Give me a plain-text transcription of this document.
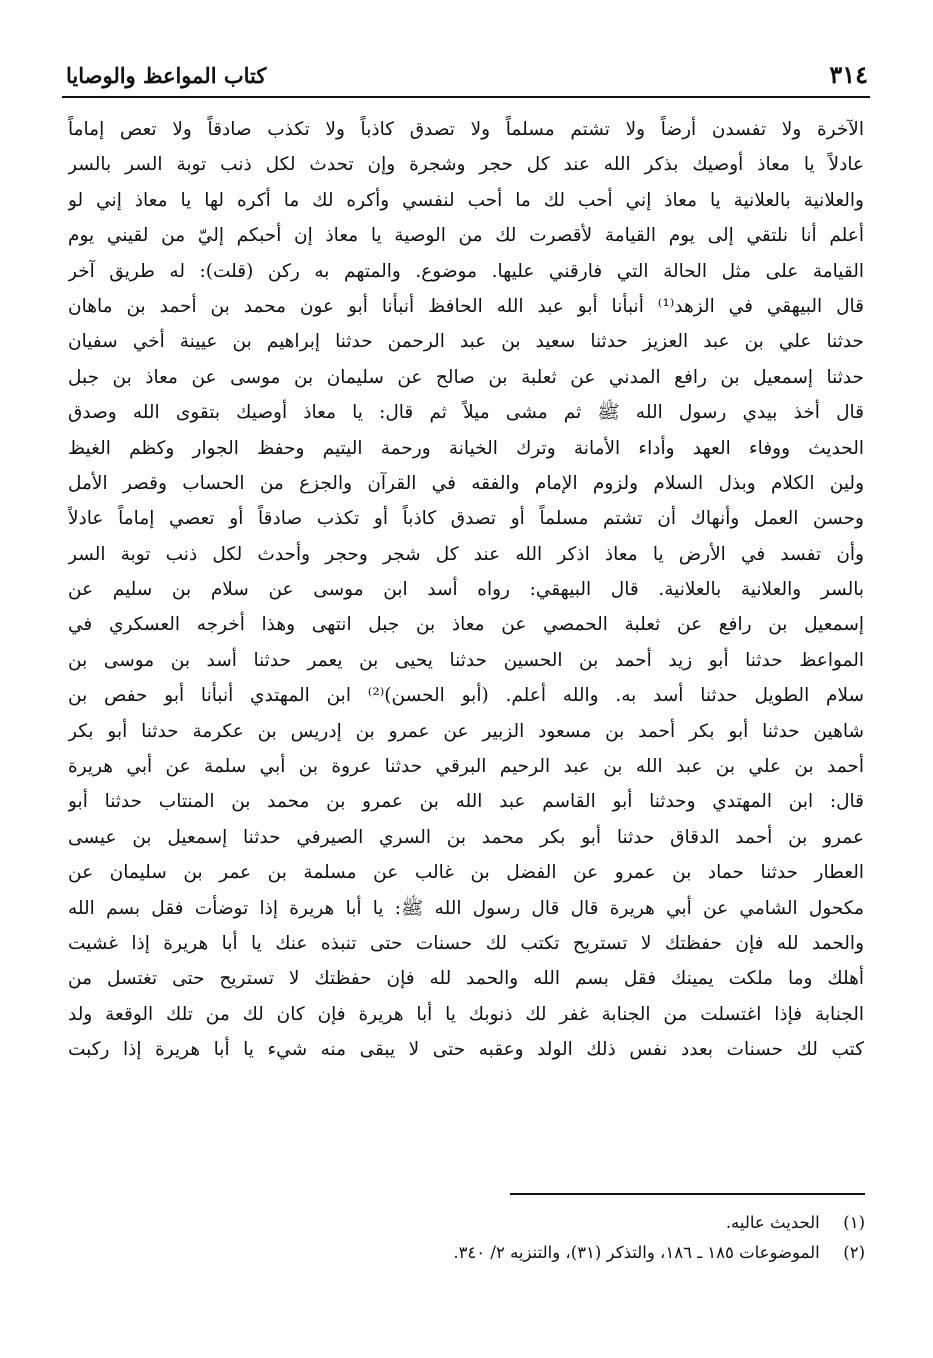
٣١٤
كتاب المواعظ والوصايا
الآخرة ولا تفسدن أرضاً ولا تشتم مسلماً ولا تصدق كاذباً ولا تكذب صادقاً ولا تعص إماماً
عادلاً يا معاذ أوصيك بذكر الله عند كل حجر وشجرة وإن تحدث لكل ذنب توبة السر بالسر
والعلانية بالعلانية يا معاذ إني أحب لك ما أحب لنفسي وأكره لك ما أكره لها يا معاذ إني لو
أعلم أنا نلتقي إلى يوم القيامة لأقصرت لك من الوصية يا معاذ إن أحبكم إليّ من لقيني يوم
القيامة على مثل الحالة التي فارقني عليها. موضوع. والمتهم به ركن (قلت): له طريق آخر
قال البيهقي في الزهد⁽¹⁾ أنبأنا أبو عبد الله الحافظ أنبأنا أبو عون محمد بن أحمد بن ماهان
حدثنا علي بن عبد العزيز حدثنا سعيد بن عبد الرحمن حدثنا إبراهيم بن عيينة أخي سفيان
حدثنا إسمعيل بن رافع المدني عن ثعلبة بن صالح عن سليمان بن موسى عن معاذ بن جبل
قال أخذ بيدي رسول الله ﷺ ثم مشى ميلاً ثم قال: يا معاذ أوصيك بتقوى الله وصدق
الحديث ووفاء العهد وأداء الأمانة وترك الخيانة ورحمة اليتيم وحفظ الجوار وكظم الغيظ
ولين الكلام وبذل السلام ولزوم الإمام والفقه في القرآن والجزع من الحساب وقصر الأمل
وحسن العمل وأنهاك أن تشتم مسلماً أو تصدق كاذباً أو تكذب صادقاً أو تعصي إماماً عادلاً
وأن تفسد في الأرض يا معاذ اذكر الله عند كل شجر وحجر وأحدث لكل ذنب توبة السر
بالسر والعلانية بالعلانية. قال البيهقي: رواه أسد ابن موسى عن سلام بن سليم عن
إسمعيل بن رافع عن ثعلبة الحمصي عن معاذ بن جبل انتهى وهذا أخرجه العسكري في
المواعظ حدثنا أبو زيد أحمد بن الحسين حدثنا يحيى بن يعمر حدثنا أسد بن موسى بن
سلام الطويل حدثنا أسد به. والله أعلم. (أبو الحسن)⁽²⁾ ابن المهتدي أنبأنا أبو حفص بن
شاهين حدثنا أبو بكر أحمد بن مسعود الزبير عن عمرو بن إدريس بن عكرمة حدثنا أبو بكر
أحمد بن علي بن عبد الله بن عبد الرحيم البرقي حدثنا عروة بن أبي سلمة عن أبي هريرة
قال: ابن المهتدي وحدثنا أبو القاسم عبد الله بن عمرو بن محمد بن المنتاب حدثنا أبو
عمرو بن أحمد الدقاق حدثنا أبو بكر محمد بن السري الصيرفي حدثنا إسمعيل بن عيسى
العطار حدثنا حماد بن عمرو عن الفضل بن غالب عن مسلمة بن عمر بن سليمان عن
مكحول الشامي عن أبي هريرة قال قال رسول الله ﷺ: يا أبا هريرة إذا توضأت فقل بسم الله
والحمد لله فإن حفظتك لا تستريح تكتب لك حسنات حتى تنبذه عنك يا أبا هريرة إذا غشيت
أهلك وما ملكت يمينك فقل بسم الله والحمد لله فإن حفظتك لا تستريح حتى تغتسل من
الجنابة فإذا اغتسلت من الجنابة غفر لك ذنوبك يا أبا هريرة فإن كان لك من تلك الوقعة ولد
كتب لك حسنات بعدد نفس ذلك الولد وعقبه حتى لا يبقى منه شيء يا أبا هريرة إذا ركبت
(١) الحديث عاليه.
(٢) الموضوعات ١٨٥ ـ ١٨٦، والتذكر (٣١)، والتنزيه ٢/ ٣٤٠.
